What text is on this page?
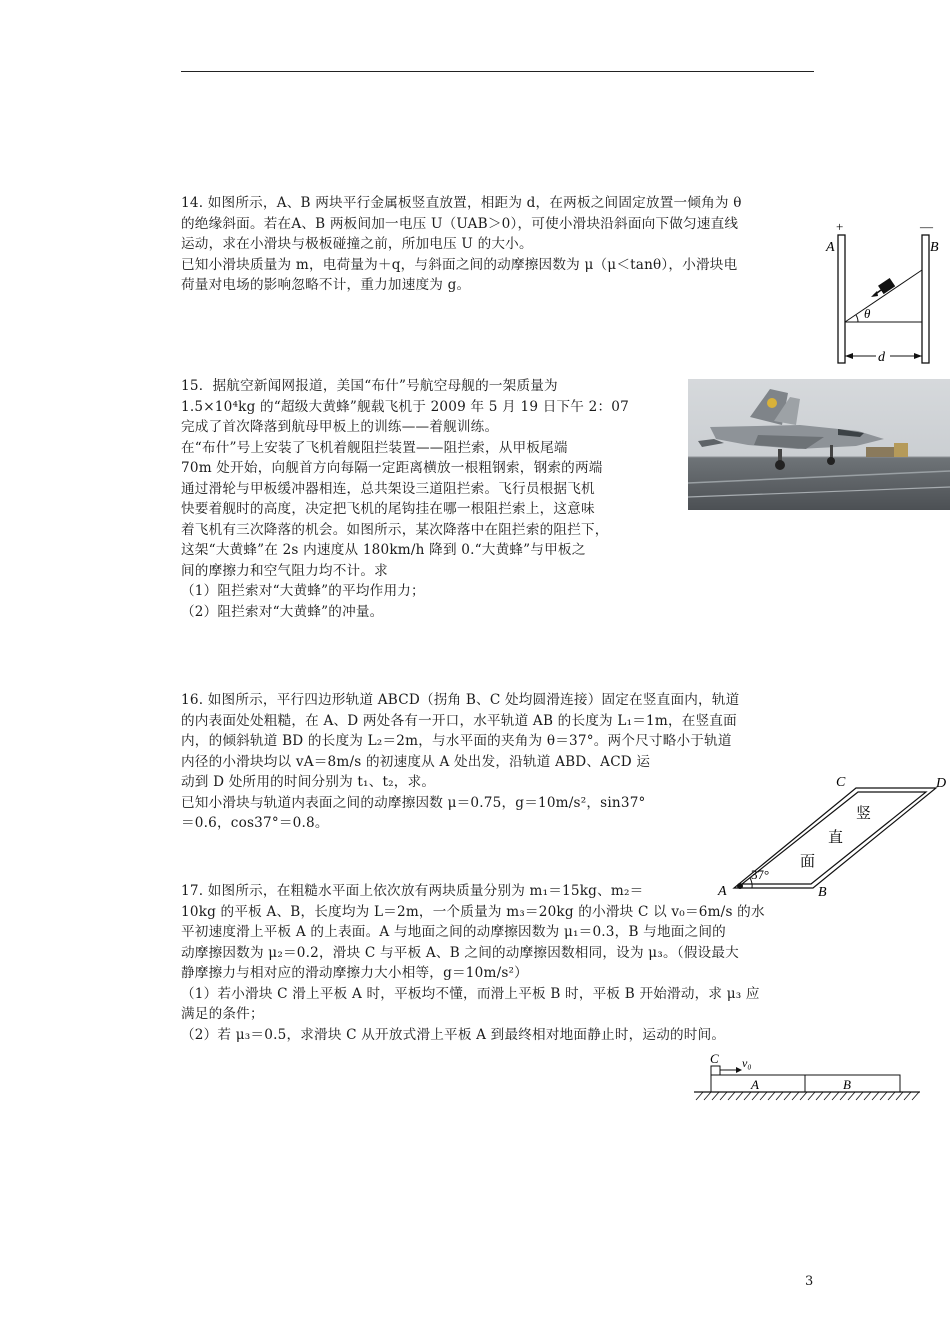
14. 如图所示，A、B 两块平行金属板竖直放置，相距为 d，在两板之间固定放置一倾角为 θ

的绝缘斜面。若在A、B 两板间加一电压 U（UAB＞0），可使小滑块沿斜面向下做匀速直线

运动，求在小滑块与极板碰撞之前，所加电压 U 的大小。

已知小滑块质量为 m，电荷量为＋q，与斜面之间的动摩擦因数为 μ（μ＜tanθ），小滑块电

荷量对电场的影响忽略不计，重力加速度为 g。

+	—
A	B
θ
d

15．据航空新闻网报道，美国“布什”号航空母舰的一架质量为

1.5×10⁴kg 的“超级大黄蜂”舰载飞机于 2009 年 5 月 19 日下午 2：07

完成了首次降落到航母甲板上的训练——着舰训练。

在“布什”号上安装了飞机着舰阻拦装置——阻拦索，从甲板尾端

70m 处开始，向舰首方向每隔一定距离横放一根粗钢索，钢索的两端

通过滑轮与甲板缓冲器相连，总共架设三道阻拦索。飞行员根据飞机

快要着舰时的高度，决定把飞机的尾钩挂在哪一根阻拦索上，这意味

着飞机有三次降落的机会。如图所示，某次降落中在阻拦索的阻拦下，

这架“大黄蜂”在 2s 内速度从 180km/h 降到 0.“大黄蜂”与甲板之

间的摩擦力和空气阻力均不计。求

（1）阻拦索对“大黄蜂”的平均作用力；

（2）阻拦索对“大黄蜂”的冲量。

16. 如图所示，平行四边形轨道 ABCD（拐角 B、C 处均圆滑连接）固定在竖直面内，轨道

的内表面处处粗糙，在 A、D 两处各有一开口，水平轨道 AB 的长度为 L₁＝1m，在竖直面

内，的倾斜轨道 BD 的长度为 L₂＝2m，与水平面的夹角为 θ＝37°。两个尺寸略小于轨道

内径的小滑块均以 vA＝8m/s 的初速度从 A 处出发，沿轨道 ABD、ACD 运

动到 D 处所用的时间分别为 t₁、t₂，求。

已知小滑块与轨道内表面之间的动摩擦因数 μ＝0.75，g＝10m/s²，sin37°

＝0.6，cos37°＝0.8。

C	D
A	B
37°
竖
直
面

17. 如图所示，在粗糙水平面上依次放有两块质量分别为 m₁＝15kg、m₂＝

10kg 的平板 A、B，长度均为 L＝2m，一个质量为 m₃＝20kg 的小滑块 C 以 v₀＝6m/s 的水

平初速度滑上平板 A 的上表面。A 与地面之间的动摩擦因数为 μ₁＝0.3，B 与地面之间的

动摩擦因数为 μ₂＝0.2，滑块 C 与平板 A、B 之间的动摩擦因数相同，设为 μ₃。（假设最大

静摩擦力与相对应的滑动摩擦力大小相等，g＝10m/s²）

（1）若小滑块 C 滑上平板 A 时，平板均不懂，而滑上平板 B 时，平板 B 开始滑动，求 μ₃ 应

满足的条件；

（2）若 μ₃＝0.5，求滑块 C 从开放式滑上平板 A 到最终相对地面静止时，运动的时间。

C v₀
A	B
3
